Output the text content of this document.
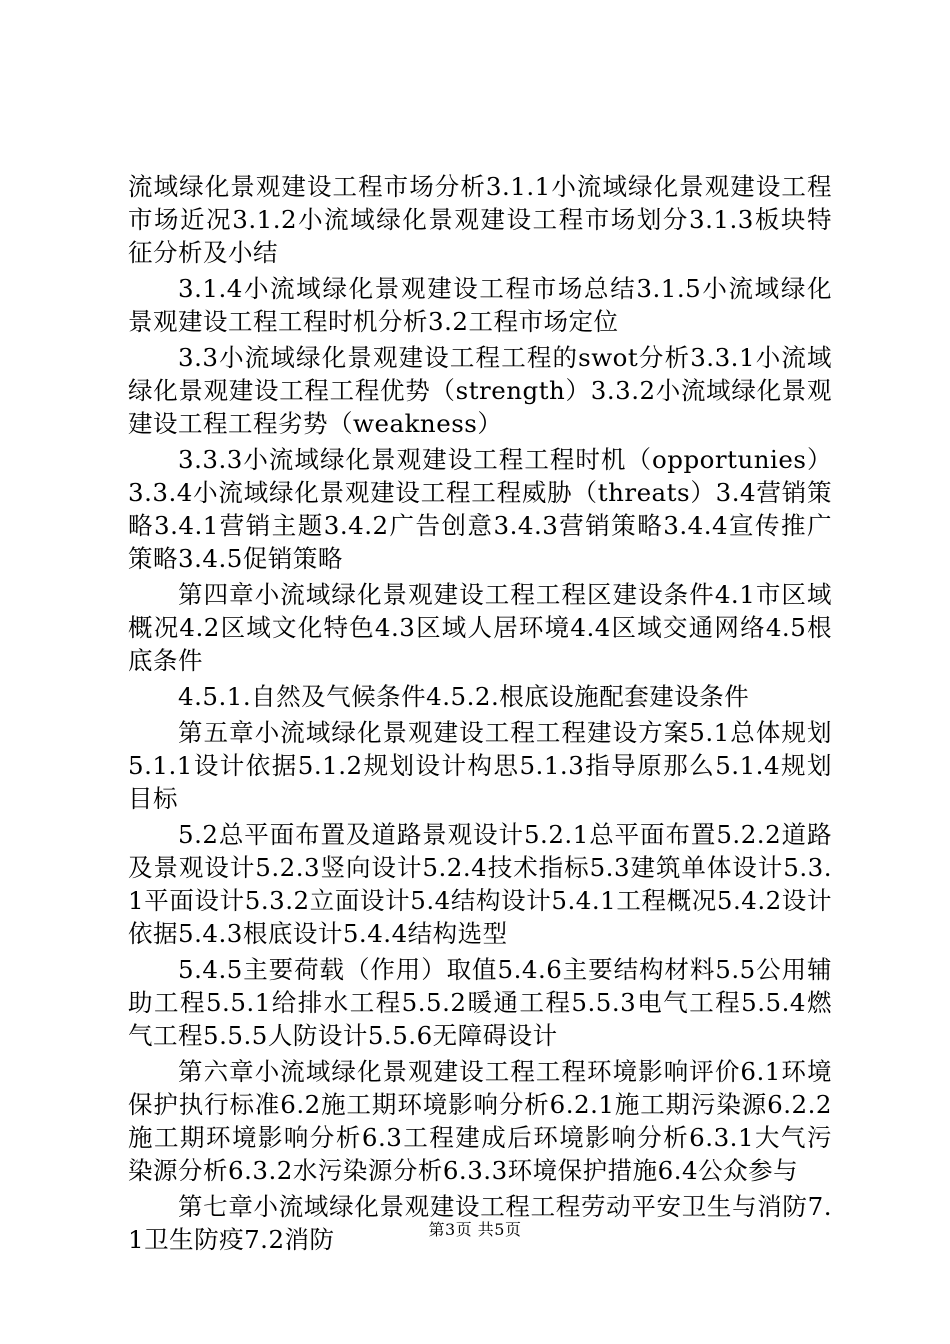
流域绿化景观建设工程市场分析3.1.1小流域绿化景观建设工程市场近况3.1.2小流域绿化景观建设工程市场划分3.1.3板块特征分析及小结

3.1.4小流域绿化景观建设工程市场总结3.1.5小流域绿化景观建设工程工程时机分析3.2工程市场定位

3.3小流域绿化景观建设工程工程的swot分析3.3.1小流域绿化景观建设工程工程优势（strength）3.3.2小流域绿化景观建设工程工程劣势（weakness）

3.3.3小流域绿化景观建设工程工程时机（opportunies）3.3.4小流域绿化景观建设工程工程威胁（threats）3.4营销策略3.4.1营销主题3.4.2广告创意3.4.3营销策略3.4.4宣传推广策略3.4.5促销策略

第四章小流域绿化景观建设工程工程区建设条件4.1市区域概况4.2区域文化特色4.3区域人居环境4.4区域交通网络4.5根底条件

4.5.1.自然及气候条件4.5.2.根底设施配套建设条件

第五章小流域绿化景观建设工程工程建设方案5.1总体规划5.1.1设计依据5.1.2规划设计构思5.1.3指导原那么5.1.4规划目标

5.2总平面布置及道路景观设计5.2.1总平面布置5.2.2道路及景观设计5.2.3竖向设计5.2.4技术指标5.3建筑单体设计5.3.1平面设计5.3.2立面设计5.4结构设计5.4.1工程概况5.4.2设计依据5.4.3根底设计5.4.4结构选型

5.4.5主要荷载（作用）取值5.4.6主要结构材料5.5公用辅助工程5.5.1给排水工程5.5.2暖通工程5.5.3电气工程5.5.4燃气工程5.5.5人防设计5.5.6无障碍设计

第六章小流域绿化景观建设工程工程环境影响评价6.1环境保护执行标准6.2施工期环境影响分析6.2.1施工期污染源6.2.2施工期环境影响分析6.3工程建成后环境影响分析6.3.1大气污染源分析6.3.2水污染源分析6.3.3环境保护措施6.4公众参与

第七章小流域绿化景观建设工程工程劳动平安卫生与消防7.1卫生防疫7.2消防	第3页 共5页
